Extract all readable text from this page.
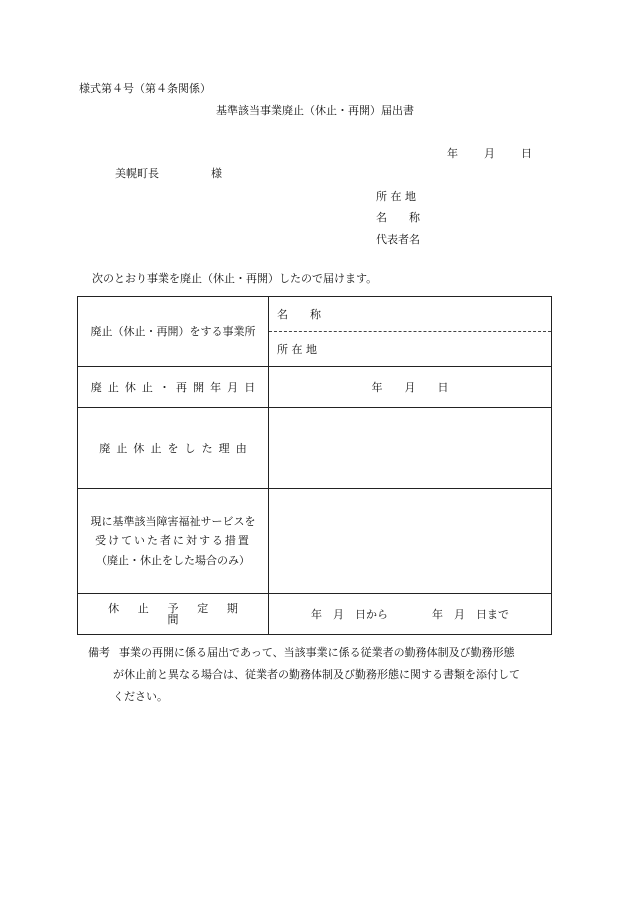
様式第４号（第４条関係）
基準該当事業廃止（休止・再開）届出書
年 月 日
美幌町長	様
所 在 地
名　　称
代表者名
次のとおり事業を廃止（休止・再開）したので届けます。
廃止（休止・再開）をする事業所	名　　称
所 在 地

廃止休止・再開年月日	年　　月　　日
廃止休止をした理由	

現に基準該当障害福祉サービスを
受けていた者に対する措置
（廃止・休止をした場合のみ）	

休止予定期間	年　月　日から　　　　年　月　日まで
備考 事業の再開に係る届出であって、当該事業に係る従業者の勤務体制及び勤務形態
が休止前と異なる場合は、従業者の勤務体制及び勤務形態に関する書類を添付して
ください。
